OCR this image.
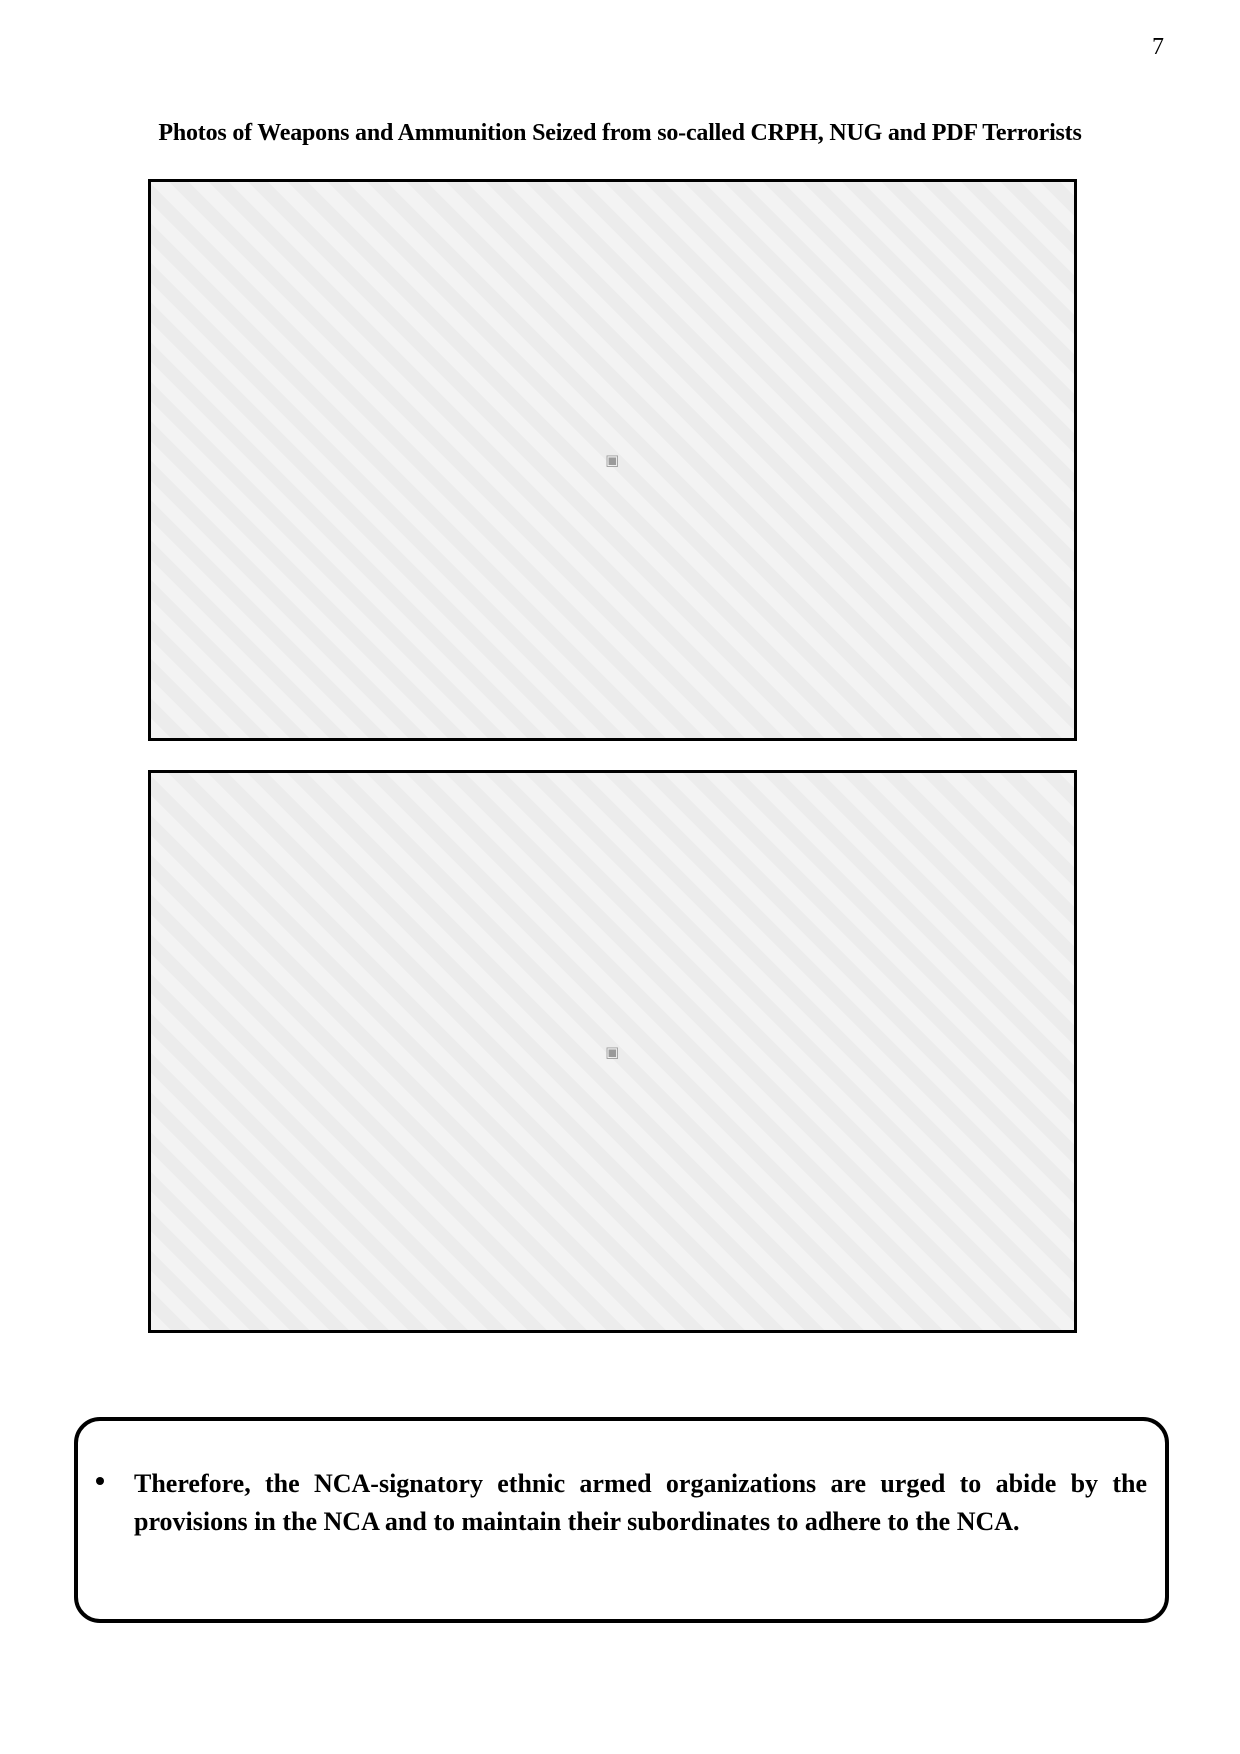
7
Photos of Weapons and Ammunition Seized from so-called CRPH, NUG and PDF Terrorists
▣
▣
Therefore, the NCA-signatory ethnic armed organizations are urged to abide by the provisions in the NCA and to maintain their subordinates to adhere to the NCA.
